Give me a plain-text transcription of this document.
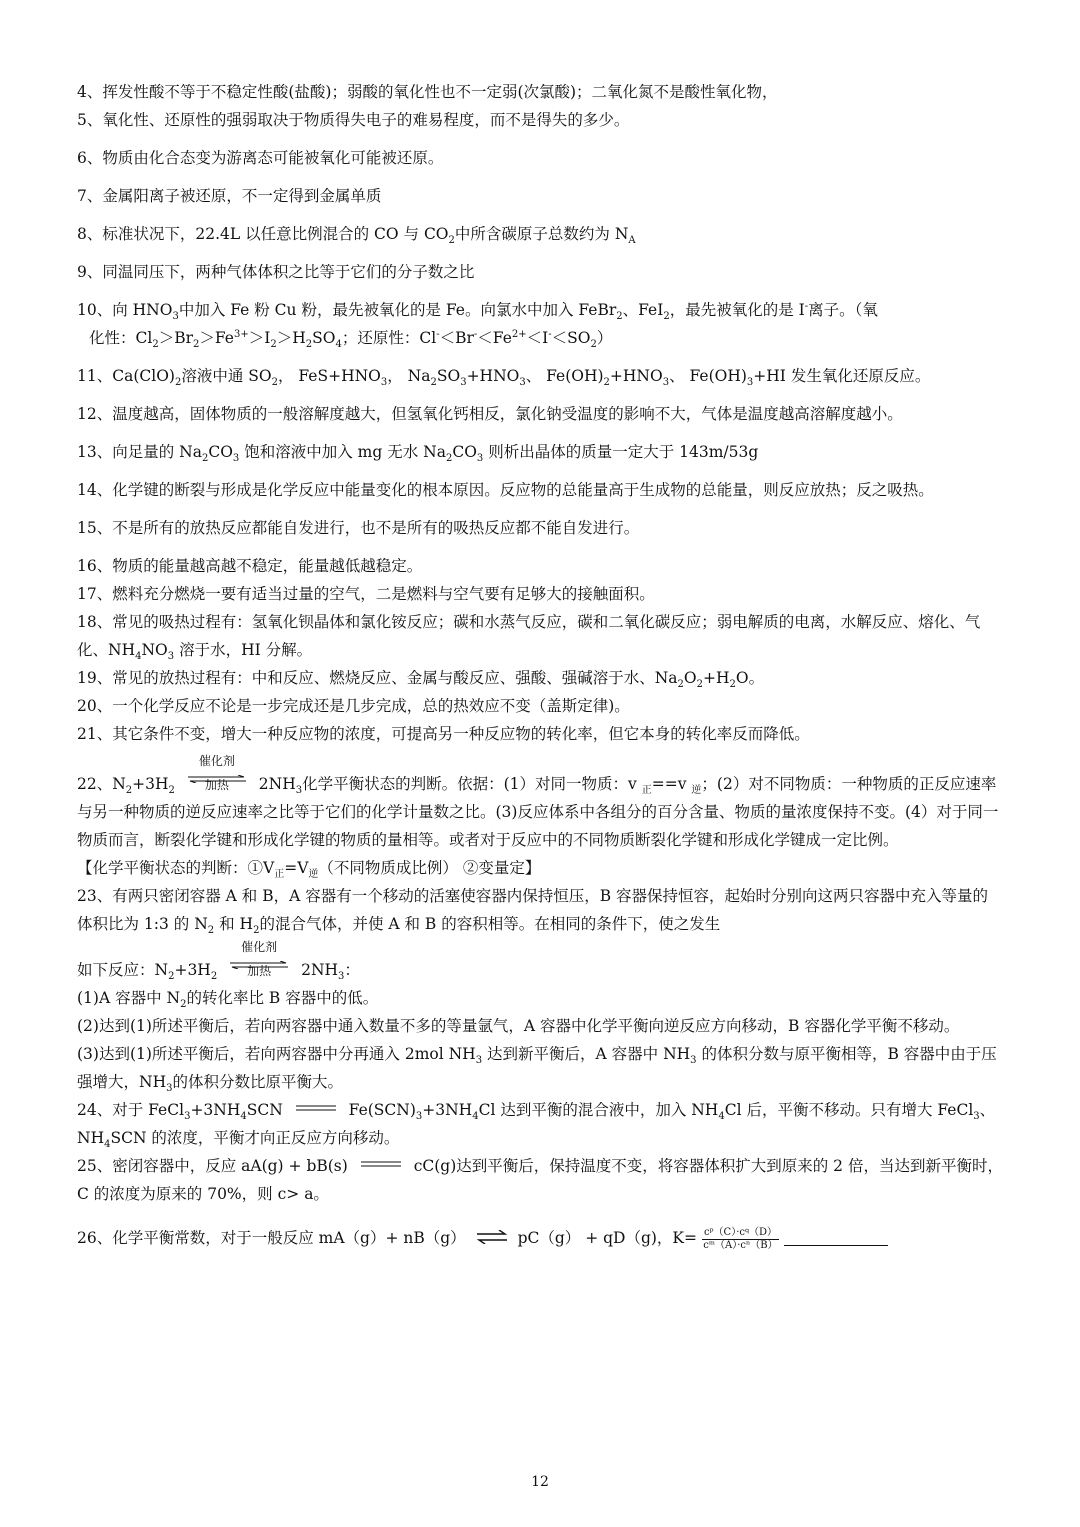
4、挥发性酸不等于不稳定性酸(盐酸)；弱酸的氧化性也不一定弱(次氯酸)；二氧化氮不是酸性氧化物，

5、氧化性、还原性的强弱取决于物质得失电子的难易程度，而不是得失的多少。

6、物质由化合态变为游离态可能被氧化可能被还原。

7、金属阳离子被还原，不一定得到金属单质

8、标准状况下，22.4L 以任意比例混合的 CO 与 $CO_2$中所含碳原子总数约为 $N_A$

9、同温同压下，两种气体体积之比等于它们的分子数之比

10、向 $HNO_3$中加入 Fe 粉 Cu 粉，最先被氧化的是 Fe。向氯水中加入 FeBr$_2$、FeI$_2$，最先被氧化的是 I-离子。（氧
化性：$Cl_2>Br_2>Fe^{3+}>I_2>H_2SO_4$；还原性：$Cl^-<Br^-<Fe^{2+}<I^-<SO_2$）

11、$Ca(ClO)_2$溶液中通 $SO_2$， $FeS+HNO_3$， $Na_2SO_3+HNO_3$、 $Fe(OH)_2+HNO_3$、 $Fe(OH)_3+HI$ 发生氧化还原反应。

12、温度越高，固体物质的一般溶解度越大，但氢氧化钙相反，氯化钠受温度的影响不大，气体是温度越高溶解度越小。

13、向足量的 $Na_2CO_3$ 饱和溶液中加入 mg 无水 $Na_2CO_3$ 则析出晶体的质量一定大于 143m/53g

14、化学键的断裂与形成是化学反应中能量变化的根本原因。反应物的总能量高于生成物的总能量，则反应放热；反之吸热。

15、不是所有的放热反应都能自发进行，也不是所有的吸热反应都不能自发进行。

16、物质的能量越高越不稳定，能量越低越稳定。

17、燃料充分燃烧一要有适当过量的空气，二是燃料与空气要有足够大的接触面积。

18、常见的吸热过程有：氢氧化钡晶体和氯化铵反应；碳和水蒸气反应，碳和二氧化碳反应；弱电解质的电离，水解反应、熔化、气化、$NH_4NO_3$ 溶于水，HI 分解。

19、常见的放热过程有：中和反应、燃烧反应、金属与酸反应、强酸、强碱溶于水、$Na_2O_2+H_2O$。

20、一个化学反应不论是一步完成还是几步完成，总的热效应不变（盖斯定律)。

21、其它条件不变，增大一种反应物的浓度，可提高另一种反应物的转化率，但它本身的转化率反而降低。

22、$N_2+3H_2$
催化剂
加热	$2NH_3$化学平衡状态的判断。依据：(1）对同一物质：v $_正$==v $_逆$；(2）对不同物质：一种物质的正反应速率与另一种物质的逆反应速率之比等于它们的化学计量数之比。(3)反应体系中各组分的百分含量、物质的量浓度保持不变。(4）对于同一物质而言，断裂化学键和形成化学键的物质的量相等。或者对于反应中的不同物质断裂化学键和形成化学键成一定比例。

【化学平衡状态的判断：$①V_正=V_逆$（不同物质成比例） ②变量定】

23、有两只密闭容器 A 和 B，A 容器有一个移动的活塞使容器内保持恒压，B 容器保持恒容，起始时分别向这两只容器中充入等量的体积比为 1:3 的 $N_2$ 和 $H_2$的混合气体，并使 A 和 B 的容积相等。在相同的条件下，使之发生

如下反应：$N_2+3H_2$
催化剂
加热	$2NH_3$：

(1)A 容器中 $N_2$的转化率比 B 容器中的低。

(2)达到(1)所述平衡后，若向两容器中通入数量不多的等量氩气，A 容器中化学平衡向逆反应方向移动，B 容器化学平衡不移动。

(3)达到(1)所述平衡后，若向两容器中分再通入 2mol $NH_3$ 达到新平衡后，A 容器中 $NH_3$ 的体积分数与原平衡相等，B 容器中由于压强增大，$NH_3$的体积分数比原平衡大。

24、对于 $FeCl_3+3NH_4SCN$	$Fe(SCN)_3+3NH_4Cl$ 达到平衡的混合液中，加入 $NH_4Cl$ 后，平衡不移动。只有增大 FeCl$_3$、$NH_4SCN$ 的浓度，平衡才向正反应方向移动。

25、密闭容器中，反应 aA(g) + bB(s)	cC(g)达到平衡后，保持温度不变，将容器体积扩大到原来的 2 倍，当达到新平衡时，C 的浓度为原来的 70%，则 c> a。

26、化学平衡常数，对于一般反应 mA（g）+ nB（g） ⇌ pC（g） + qD（g)，$K= \frac{\text{cᵖ（C）·c𐞥（D）}}{\text{cᵐ（A）·cⁿ（B）}}$

12
